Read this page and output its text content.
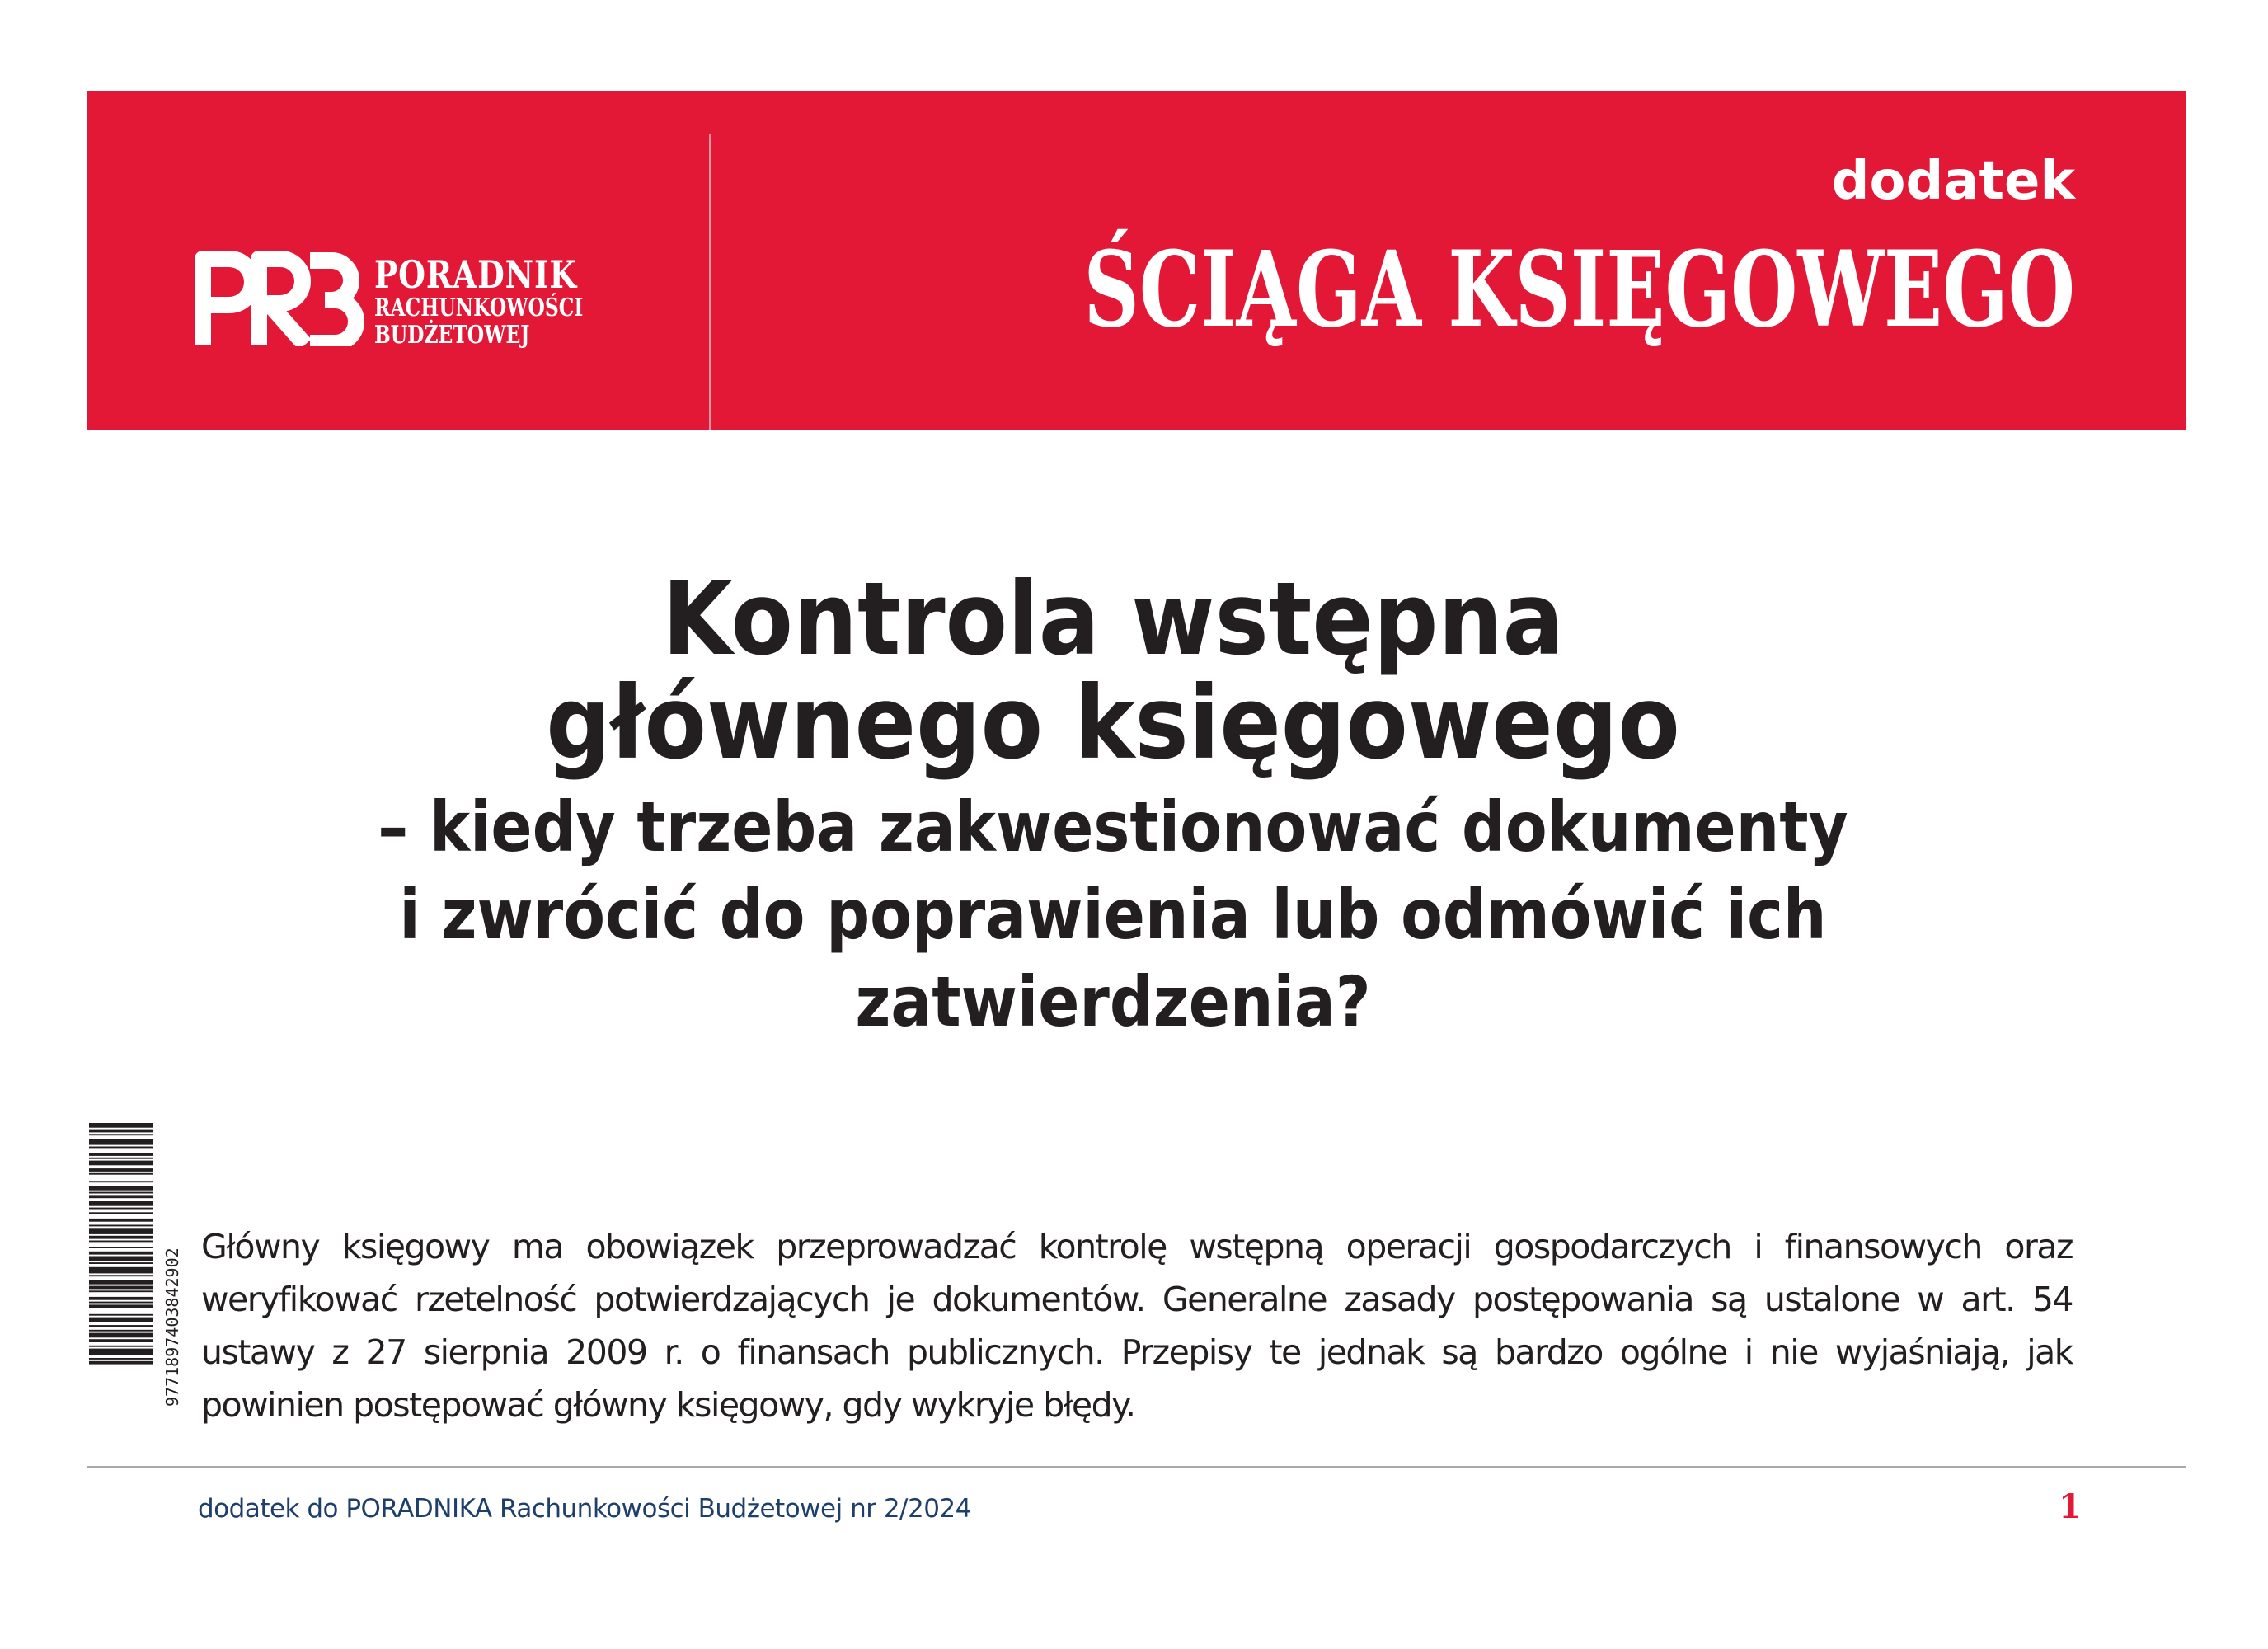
PORADNIK
RACHUNKOWOŚCI
BUDŻETOWEJ
dodatek
ŚCIĄGA KSIĘGOWEGO
Kontrola wstępna
głównego księgowego
– kiedy trzeba zakwestionować dokumenty
i zwrócić do poprawienia lub odmówić ich
zatwierdzenia?
9771897403842902
Główny księgowy ma obowiązek przeprowadzać kontrolę wstępną operacji gospodarczych i finansowych oraz weryfikować rzetelność potwierdzających je dokumentów. Generalne zasady postępowania są ustalone w art. 54 ustawy z 27 sierpnia 2009 r. o finansach publicznych. Przepisy te jednak są bardzo ogólne i nie wyjaśniają, jak powinien postępować główny księgowy, gdy wykryje błędy.
dodatek do PORADNIKA Rachunkowości Budżetowej nr 2/2024	1
